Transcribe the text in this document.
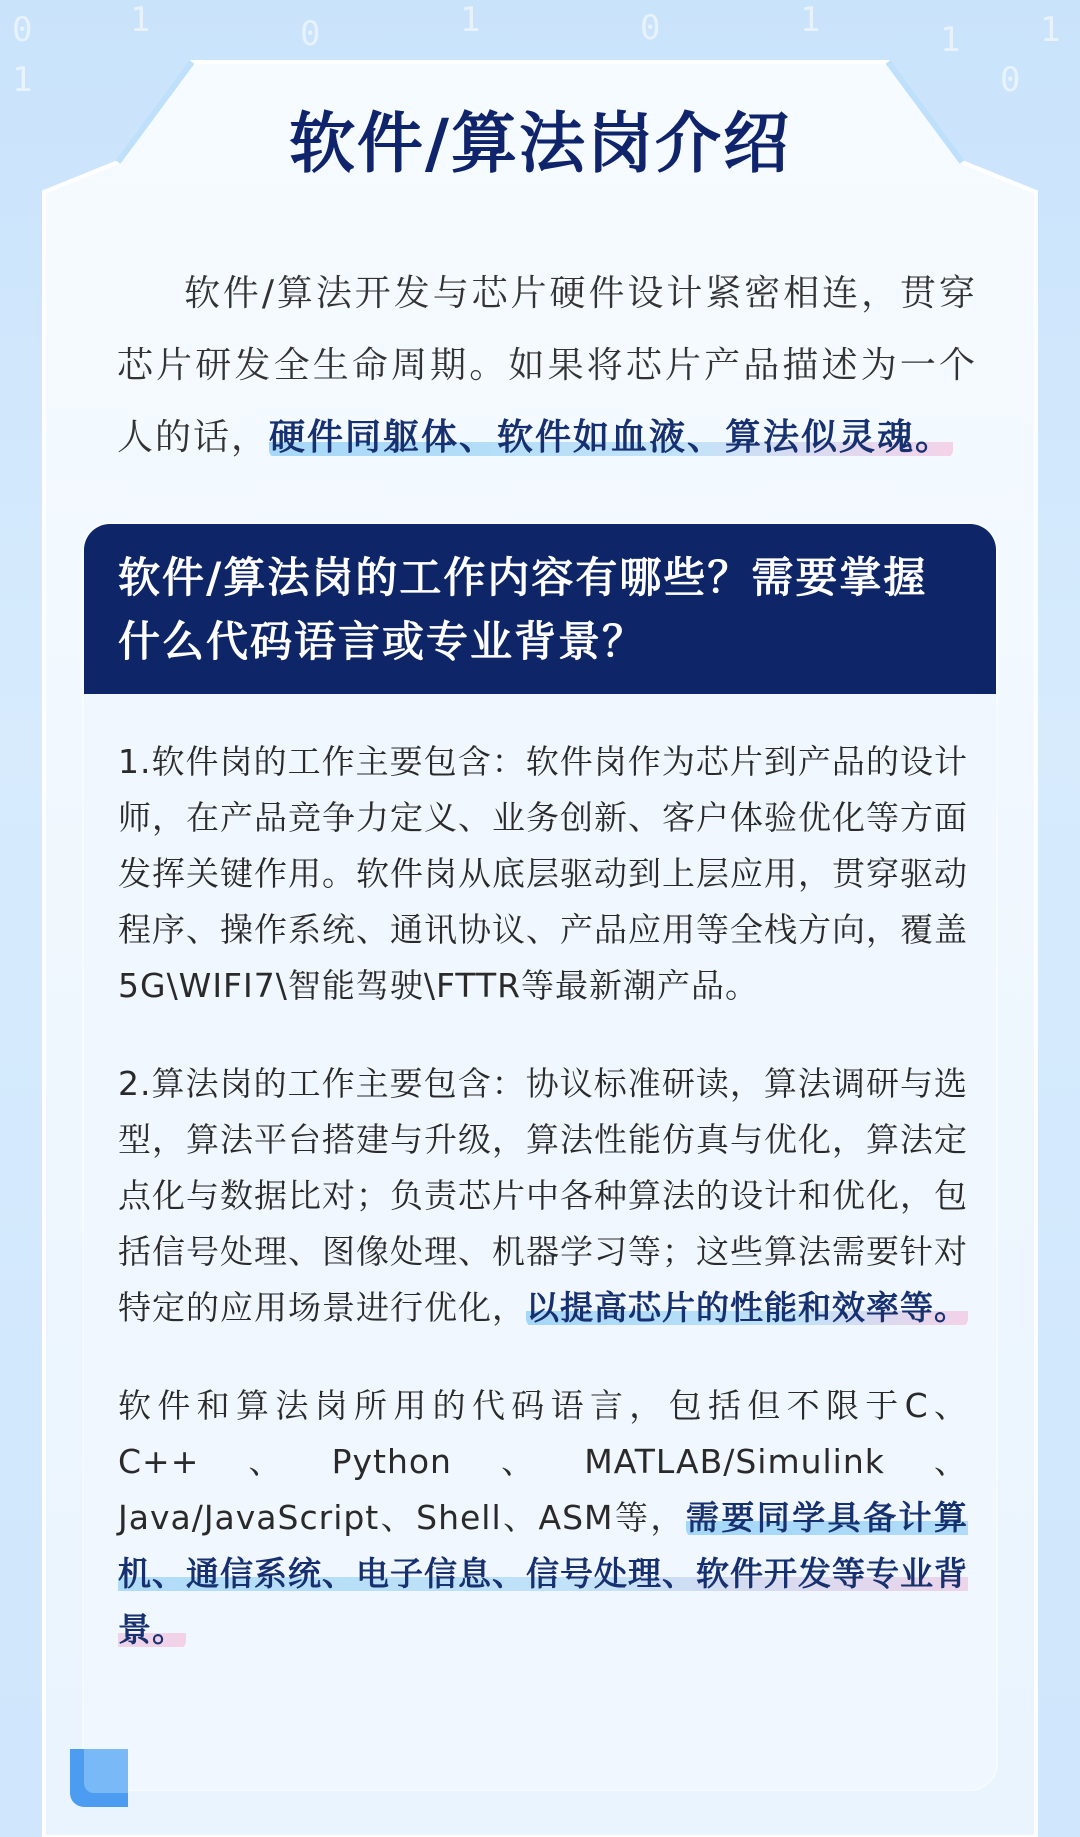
0
1
1	0	1	0	1	1
0
1
软件/算法岗介绍
软件/算法开发与芯片硬件设计紧密相连，贯穿芯片研发全生命周期。如果将芯片产品描述为一个人的话，硬件同躯体、软件如血液、算法似灵魂。
软件/算法岗的工作内容有哪些？需要掌握什么代码语言或专业背景？

1.软件岗的工作主要包含：软件岗作为芯片到产品的设计师，在产品竞争力定义、业务创新、客户体验优化等方面发挥关键作用。软件岗从底层驱动到上层应用，贯穿驱动程序、操作系统、通讯协议、产品应用等全栈方向，覆盖5G\WIFI7\智能驾驶\FTTR等最新潮产品。

2.算法岗的工作主要包含：协议标准研读，算法调研与选型，算法平台搭建与升级，算法性能仿真与优化，算法定点化与数据比对；负责芯片中各种算法的设计和优化，包括信号处理、图像处理、机器学习等；这些算法需要针对特定的应用场景进行优化，以提高芯片的性能和效率等。

软件和算法岗所用的代码语言，包括但不限于C、C++、Python、MATLAB/Simulink、Java/JavaScript、Shell、ASM等，需要同学具备计算机、通信系统、电子信息、信号处理、软件开发等专业背景。
